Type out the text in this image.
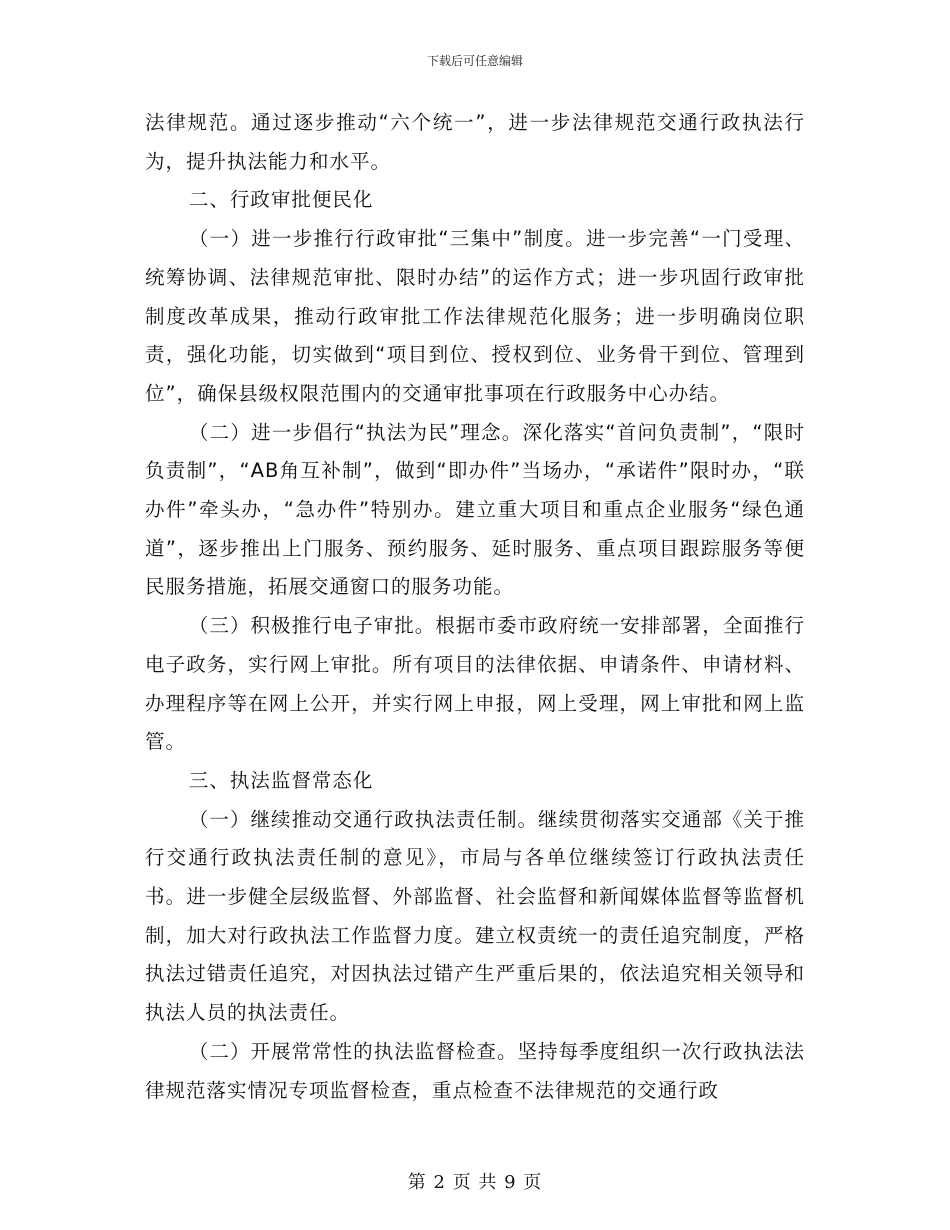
下载后可任意编辑

法律规范。通过逐步推动“六个统一”，进一步法律规范交通行政执法行为，提升执法能力和水平。

二、行政审批便民化

（一）进一步推行行政审批“三集中”制度。进一步完善“一门受理、统筹协调、法律规范审批、限时办结”的运作方式；进一步巩固行政审批制度改革成果，推动行政审批工作法律规范化服务；进一步明确岗位职责，强化功能，切实做到“项目到位、授权到位、业务骨干到位、管理到位”，确保县级权限范围内的交通审批事项在行政服务中心办结。

（二）进一步倡行“执法为民”理念。深化落实“首问负责制”，“限时负责制”，“AB角互补制”，做到“即办件”当场办，“承诺件”限时办，“联办件”牵头办，“急办件”特别办。建立重大项目和重点企业服务“绿色通道”，逐步推出上门服务、预约服务、延时服务、重点项目跟踪服务等便民服务措施，拓展交通窗口的服务功能。

（三）积极推行电子审批。根据市委市政府统一安排部署，全面推行电子政务，实行网上审批。所有项目的法律依据、申请条件、申请材料、办理程序等在网上公开，并实行网上申报，网上受理，网上审批和网上监管。

三、执法监督常态化

（一）继续推动交通行政执法责任制。继续贯彻落实交通部《关于推行交通行政执法责任制的意见》，市局与各单位继续签订行政执法责任书。进一步健全层级监督、外部监督、社会监督和新闻媒体监督等监督机制，加大对行政执法工作监督力度。建立权责统一的责任追究制度，严格执法过错责任追究，对因执法过错产生严重后果的，依法追究相关领导和执法人员的执法责任。

（二）开展常常性的执法监督检查。坚持每季度组织一次行政执法法律规范落实情况专项监督检查，重点检查不法律规范的交通行政

第 2 页 共 9 页
